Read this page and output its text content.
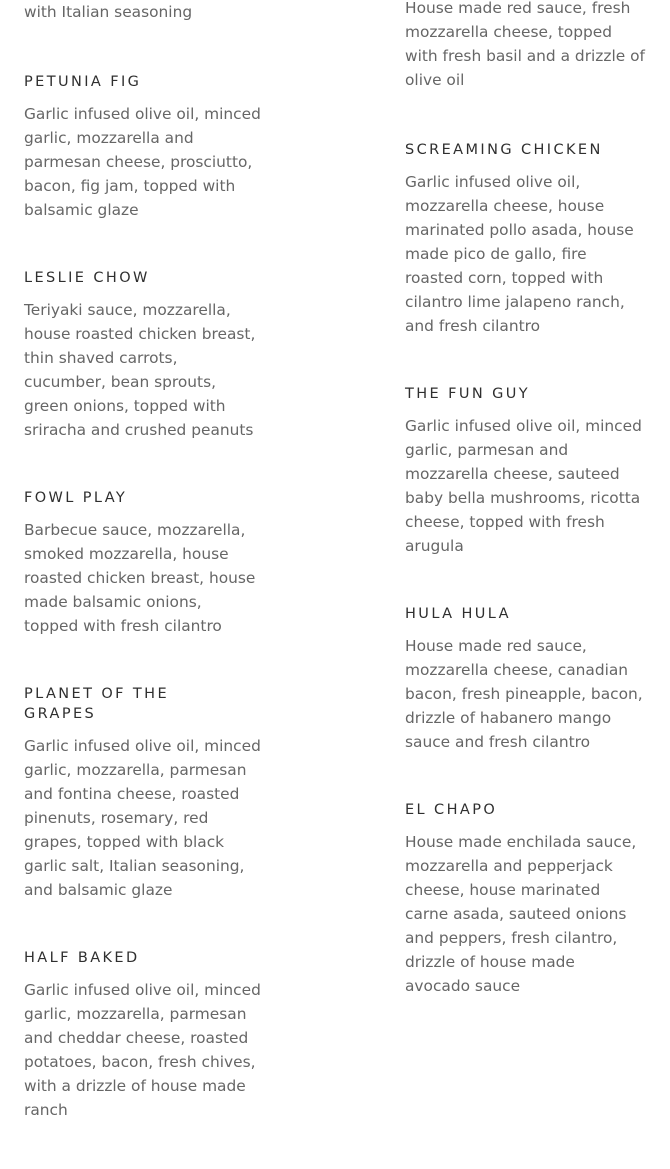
with Italian seasoning

PETUNIA FIG

Garlic infused olive oil, minced
garlic, mozzarella and
parmesan cheese, prosciutto,
bacon, fig jam, topped with
balsamic glaze

LESLIE CHOW

Teriyaki sauce, mozzarella,
house roasted chicken breast,
thin shaved carrots,
cucumber, bean sprouts,
green onions, topped with
sriracha and crushed peanuts

FOWL PLAY

Barbecue sauce, mozzarella,
smoked mozzarella, house
roasted chicken breast, house
made balsamic onions,
topped with fresh cilantro

PLANET OF THE
GRAPES

Garlic infused olive oil, minced
garlic, mozzarella, parmesan
and fontina cheese, roasted
pinenuts, rosemary, red
grapes, topped with black
garlic salt, Italian seasoning,
and balsamic glaze

HALF BAKED

Garlic infused olive oil, minced
garlic, mozzarella, parmesan
and cheddar cheese, roasted
potatoes, bacon, fresh chives,
with a drizzle of house made
ranch

House made red sauce, fresh
mozzarella cheese, topped
with fresh basil and a drizzle of
olive oil

SCREAMING CHICKEN

Garlic infused olive oil,
mozzarella cheese, house
marinated pollo asada, house
made pico de gallo, fire
roasted corn, topped with
cilantro lime jalapeno ranch,
and fresh cilantro

THE FUN GUY

Garlic infused olive oil, minced
garlic, parmesan and
mozzarella cheese, sauteed
baby bella mushrooms, ricotta
cheese, topped with fresh
arugula

HULA HULA

House made red sauce,
mozzarella cheese, canadian
bacon, fresh pineapple, bacon,
drizzle of habanero mango
sauce and fresh cilantro

EL CHAPO

House made enchilada sauce,
mozzarella and pepperjack
cheese, house marinated
carne asada, sauteed onions
and peppers, fresh cilantro,
drizzle of house made
avocado sauce
